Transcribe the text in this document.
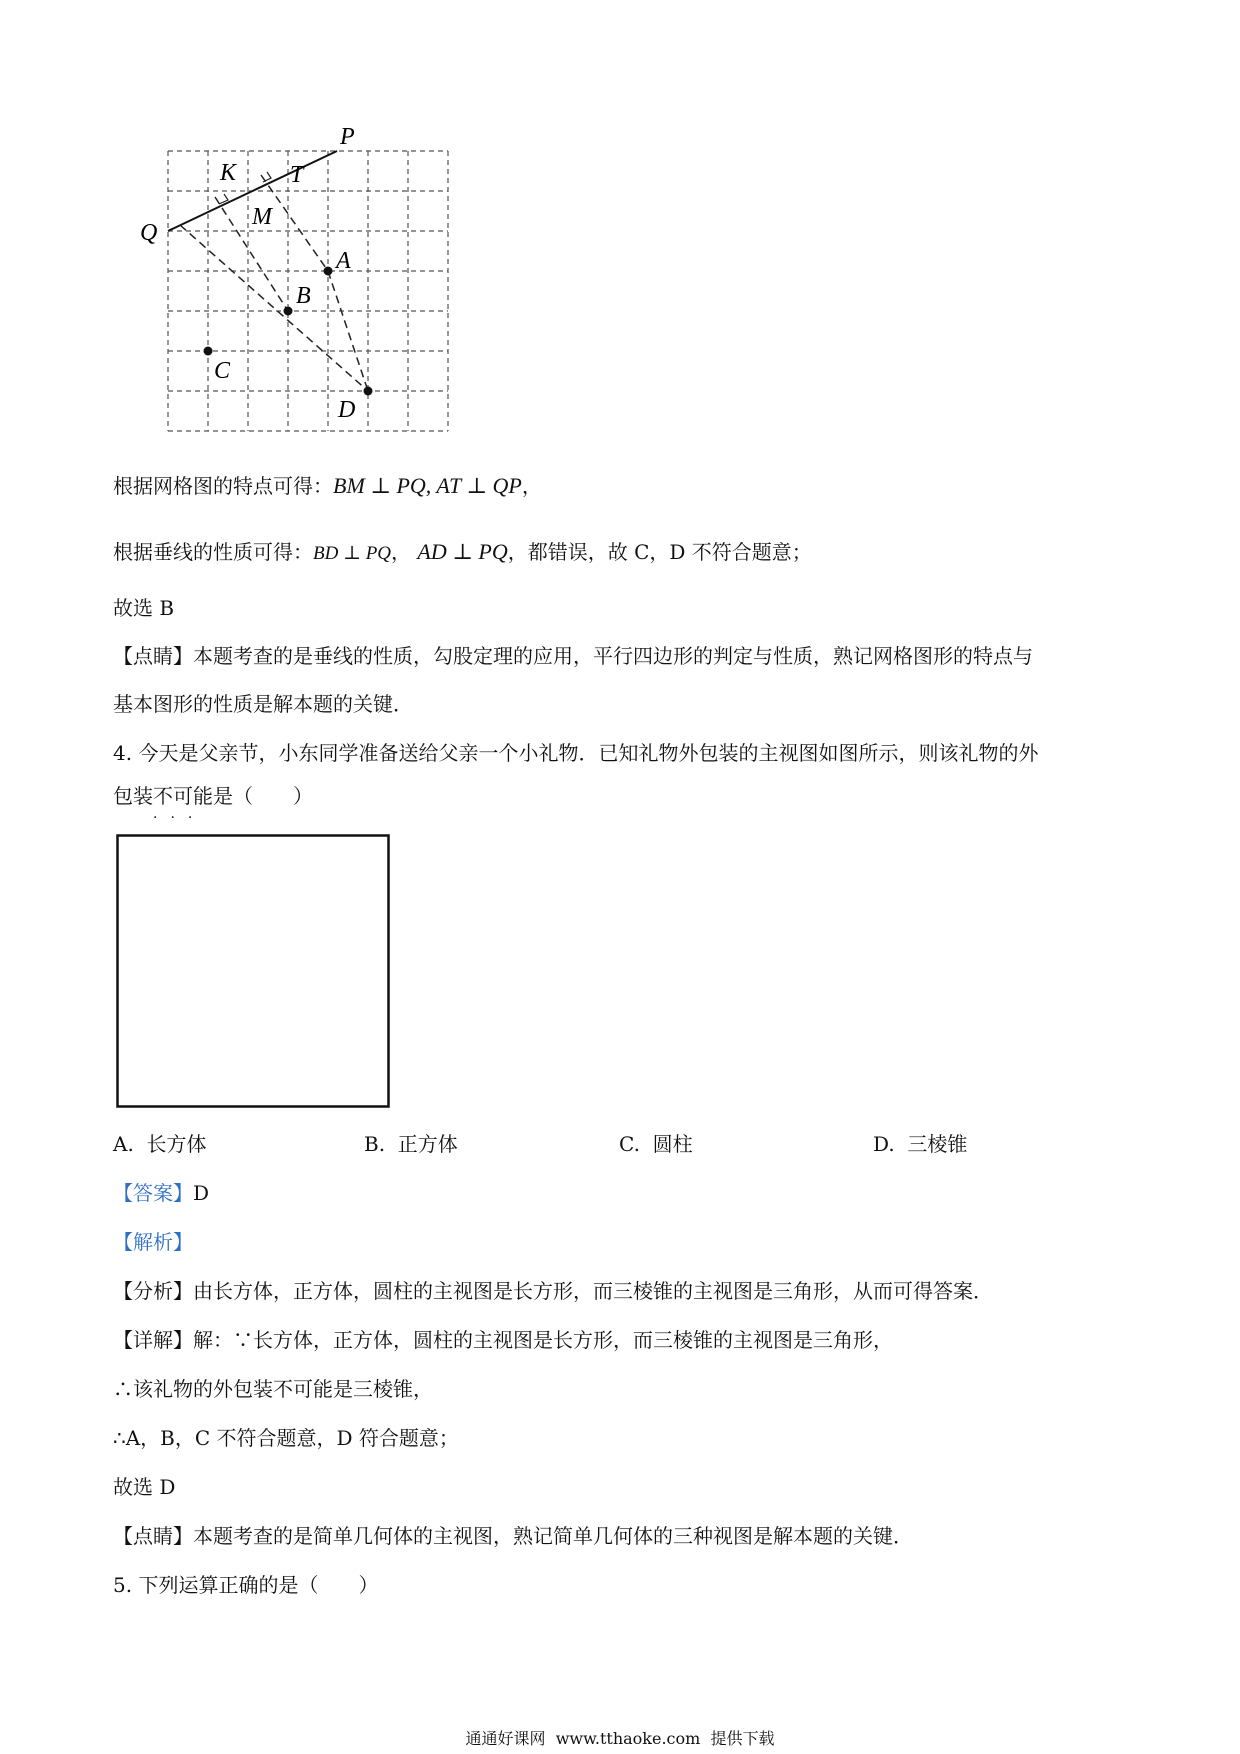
P
K T
Q
M
A
B
C
D
根据网格图的特点可得：BM ⊥ PQ, AT ⊥ QP，
根据垂线的性质可得：BD ⊥ PQ， AD ⊥ PQ，都错误，故 C，D 不符合题意；
故选 B
【点睛】本题考查的是垂线的性质，勾股定理的应用，平行四边形的判定与性质，熟记网格图形的特点与
基本图形的性质是解本题的关键．
4. 今天是父亲节，小东同学准备送给父亲一个小礼物．已知礼物外包装的主视图如图所示，则该礼物的外
包装不可能
···
是（　　）
A. 长方体	B. 正方体	C. 圆柱	D. 三棱锥
【答案】D
【解析】
【分析】由长方体，正方体，圆柱的主视图是长方形，而三棱锥的主视图是三角形，从而可得答案．
【详解】解：∵长方体，正方体，圆柱的主视图是长方形，而三棱锥的主视图是三角形，
∴该礼物的外包装不可能是三棱锥，
∴A，B，C 不符合题意，D 符合题意；
故选 D
【点睛】本题考查的是简单几何体的主视图，熟记简单几何体的三种视图是解本题的关键．
5. 下列运算正确的是（　　）
通通好课网 www.tthaoke.com 提供下载
